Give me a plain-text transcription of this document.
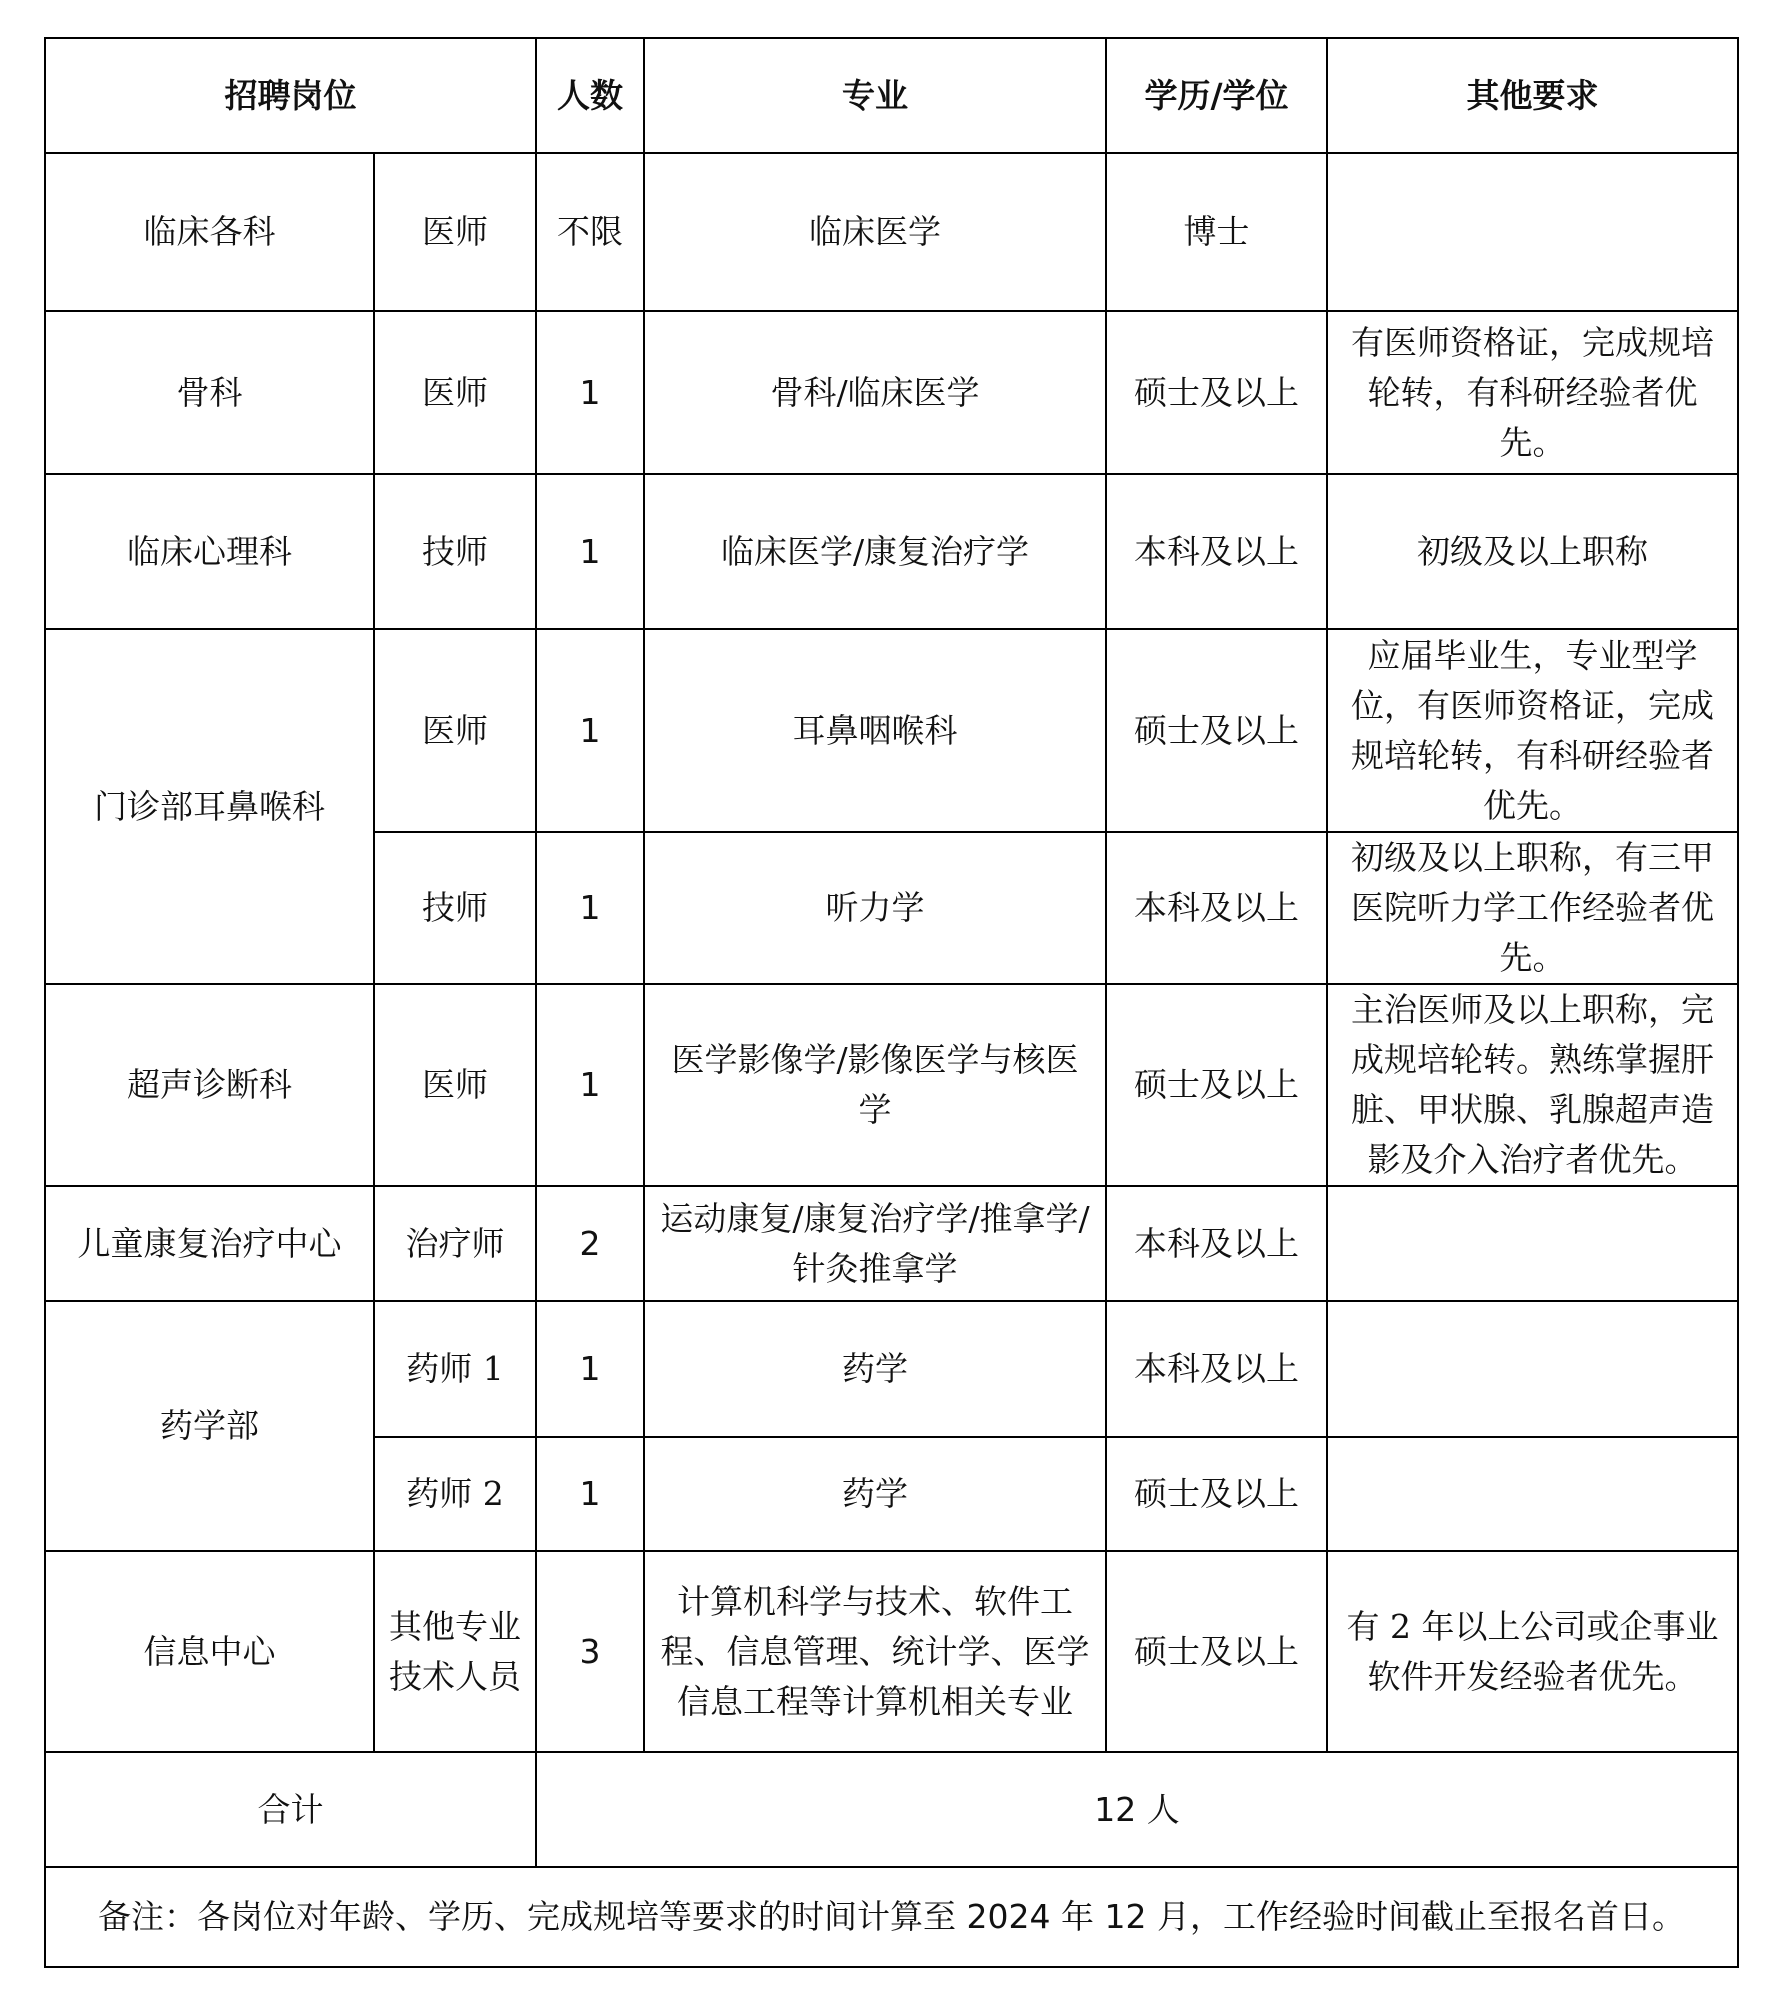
招聘岗位		人数	专业	学历/学位	其他要求
临床各科	医师	不限	临床医学	博士	
骨科	医师	1	骨科/临床医学	硕士及以上	有医师资格证，完成规培轮转，有科研经验者优先。
临床心理科	技师	1	临床医学/康复治疗学	本科及以上	初级及以上职称
门诊部耳鼻喉科	医师	1	耳鼻咽喉科	硕士及以上	应届毕业生，专业型学位，有医师资格证，完成规培轮转，有科研经验者优先。
	技师	1	听力学	本科及以上	初级及以上职称，有三甲医院听力学工作经验者优先。
超声诊断科	医师	1	医学影像学/影像医学与核医学	硕士及以上	主治医师及以上职称，完成规培轮转。熟练掌握肝脏、甲状腺、乳腺超声造影及介入治疗者优先。
儿童康复治疗中心	治疗师	2	运动康复/康复治疗学/推拿学/针灸推拿学	本科及以上	
药学部	药师 1	1	药学	本科及以上	
	药师 2	1	药学	硕士及以上	
信息中心	其他专业技术人员	3	计算机科学与技术、软件工程、信息管理、统计学、医学信息工程等计算机相关专业	硕士及以上	有 2 年以上公司或企事业软件开发经验者优先。
合计		12 人			
备注：各岗位对年龄、学历、完成规培等要求的时间计算至 2024 年 12 月，工作经验时间截止至报名首日。					
